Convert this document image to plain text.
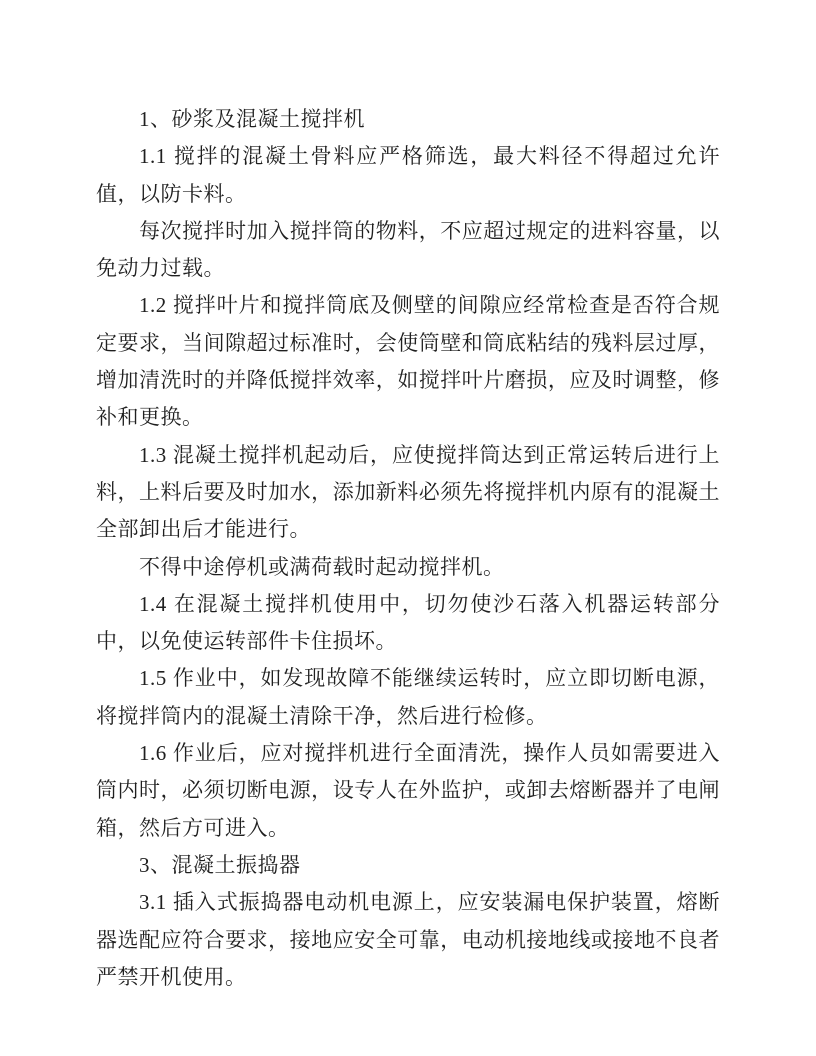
1、砂浆及混凝土搅拌机

1.1 搅拌的混凝土骨料应严格筛选，最大料径不得超过允许值，以防卡料。

每次搅拌时加入搅拌筒的物料，不应超过规定的进料容量，以免动力过载。

1.2 搅拌叶片和搅拌筒底及侧壁的间隙应经常检查是否符合规定要求，当间隙超过标准时，会使筒壁和筒底粘结的残料层过厚，增加清洗时的并降低搅拌效率，如搅拌叶片磨损，应及时调整，修补和更换。

1.3 混凝土搅拌机起动后，应使搅拌筒达到正常运转后进行上料，上料后要及时加水，添加新料必须先将搅拌机内原有的混凝土全部卸出后才能进行。

不得中途停机或满荷载时起动搅拌机。

1.4 在混凝土搅拌机使用中，切勿使沙石落入机器运转部分中，以免使运转部件卡住损坏。

1.5 作业中，如发现故障不能继续运转时，应立即切断电源，将搅拌筒内的混凝土清除干净，然后进行检修。

1.6 作业后，应对搅拌机进行全面清洗，操作人员如需要进入筒内时，必须切断电源，设专人在外监护，或卸去熔断器并了电闸箱，然后方可进入。

3、混凝土振捣器

3.1 插入式振捣器电动机电源上，应安装漏电保护装置，熔断器选配应符合要求，接地应安全可靠，电动机接地线或接地不良者严禁开机使用。
